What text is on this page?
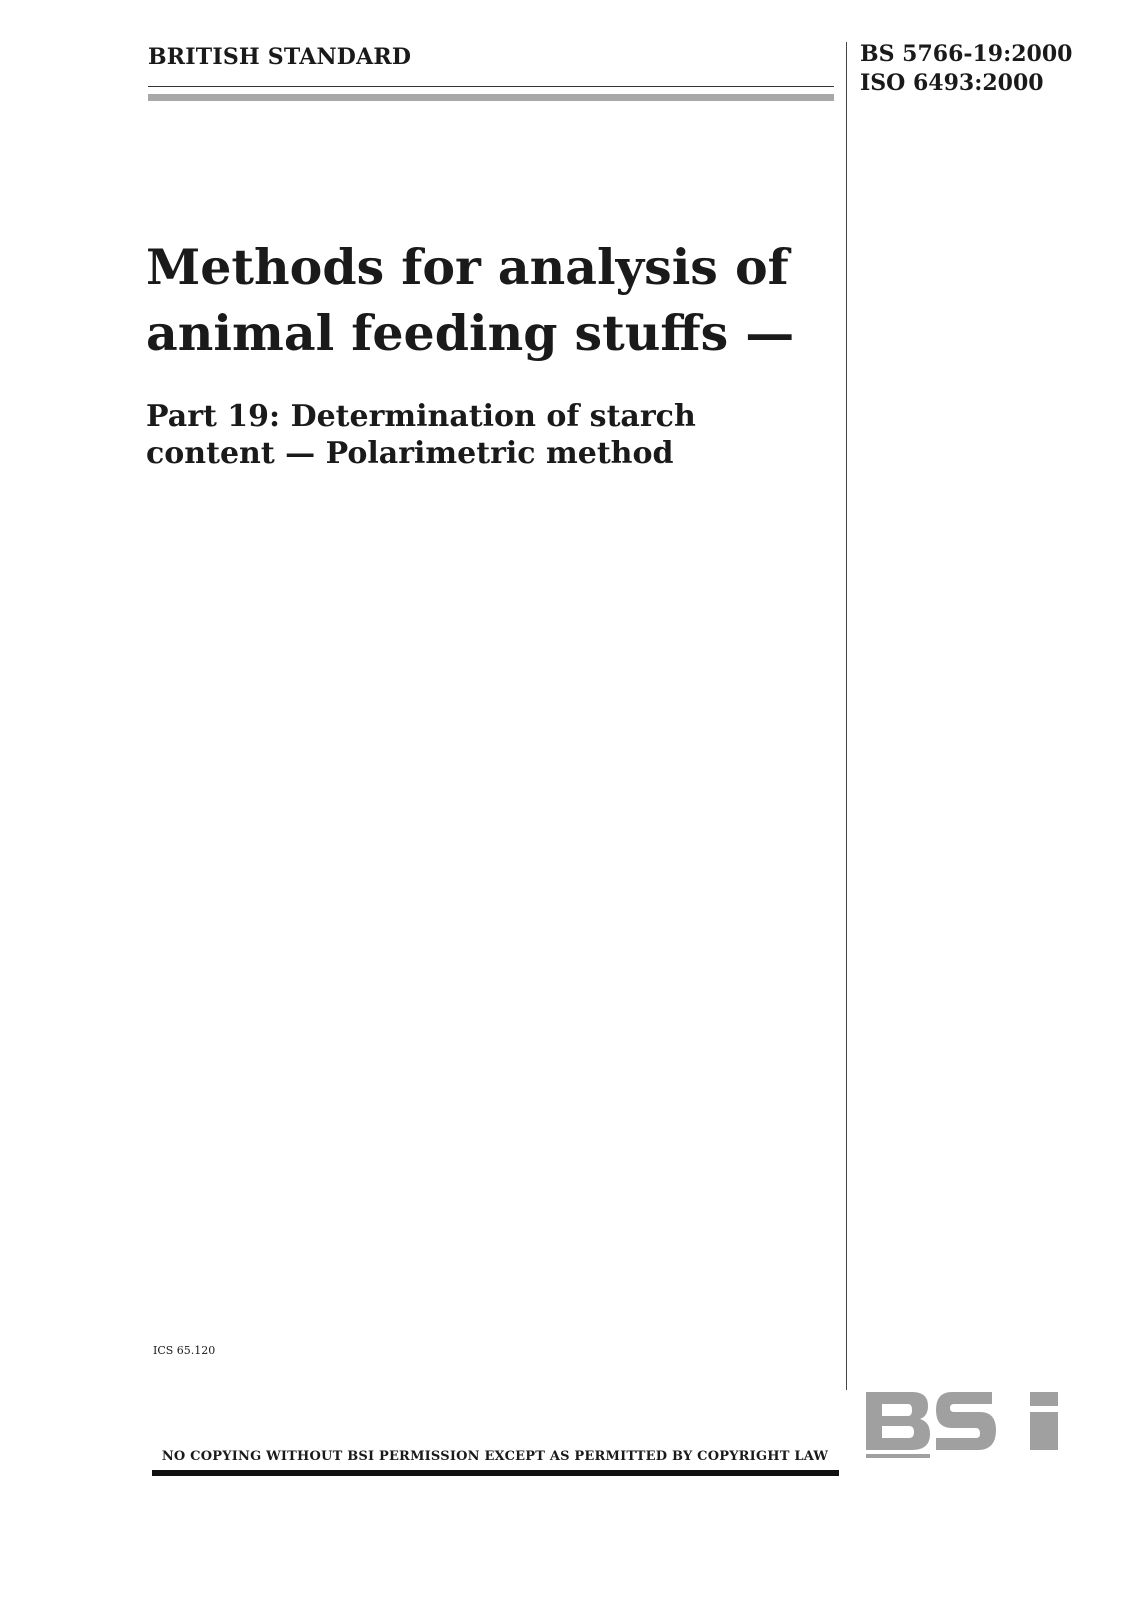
BRITISH STANDARD	BS 5766-19:2000
ISO 6493:2000
Methods for analysis of
animal feeding stuffs —
Part 19: Determination of starch
content — Polarimetric method
ICS 65.120
NO COPYING WITHOUT BSI PERMISSION EXCEPT AS PERMITTED BY COPYRIGHT LAW
